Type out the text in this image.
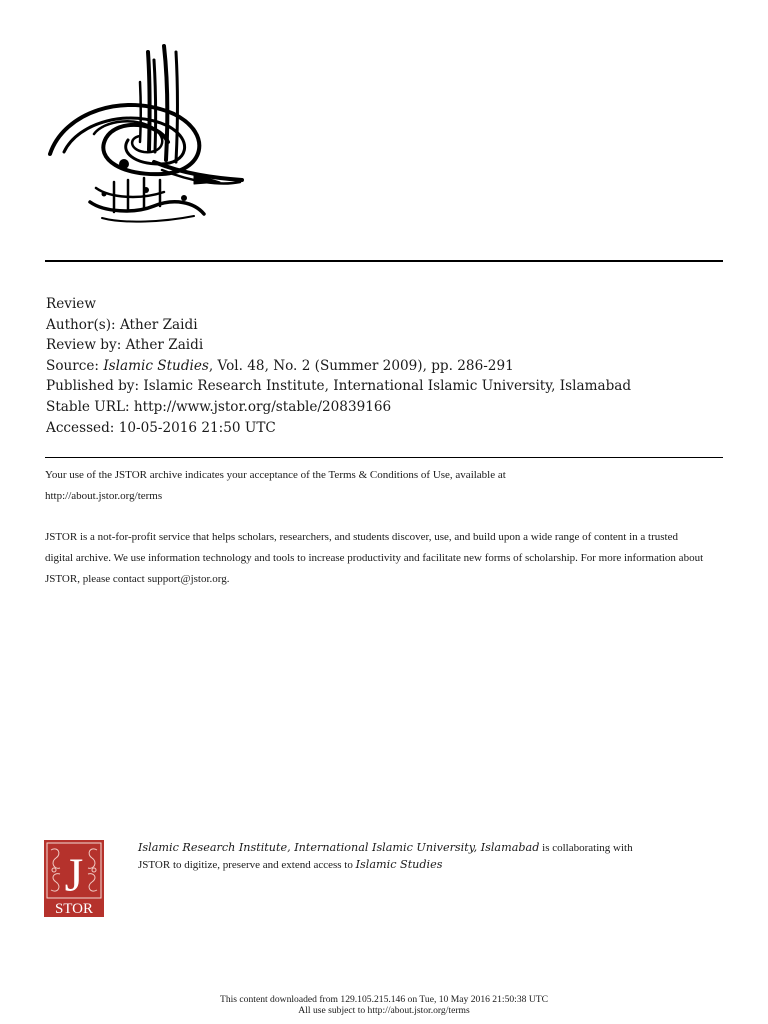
Review
Author(s): Ather Zaidi
Review by: Ather Zaidi
Source: Islamic Studies, Vol. 48, No. 2 (Summer 2009), pp. 286-291
Published by: Islamic Research Institute, International Islamic University, Islamabad
Stable URL: http://www.jstor.org/stable/20839166
Accessed: 10-05-2016 21:50 UTC

Your use of the JSTOR archive indicates your acceptance of the Terms & Conditions of Use, available at

http://about.jstor.org/terms

JSTOR is a not-for-profit service that helps scholars, researchers, and students discover, use, and build upon a wide range of content in a trusted

digital archive. We use information technology and tools to increase productivity and facilitate new forms of scholarship. For more information about

JSTOR, please contact support@jstor.org.

J
STOR
Islamic Research Institute, International Islamic University, Islamabad is collaborating with
JSTOR to digitize, preserve and extend access to Islamic Studies
This content downloaded from 129.105.215.146 on Tue, 10 May 2016 21:50:38 UTC
All use subject to http://about.jstor.org/terms
